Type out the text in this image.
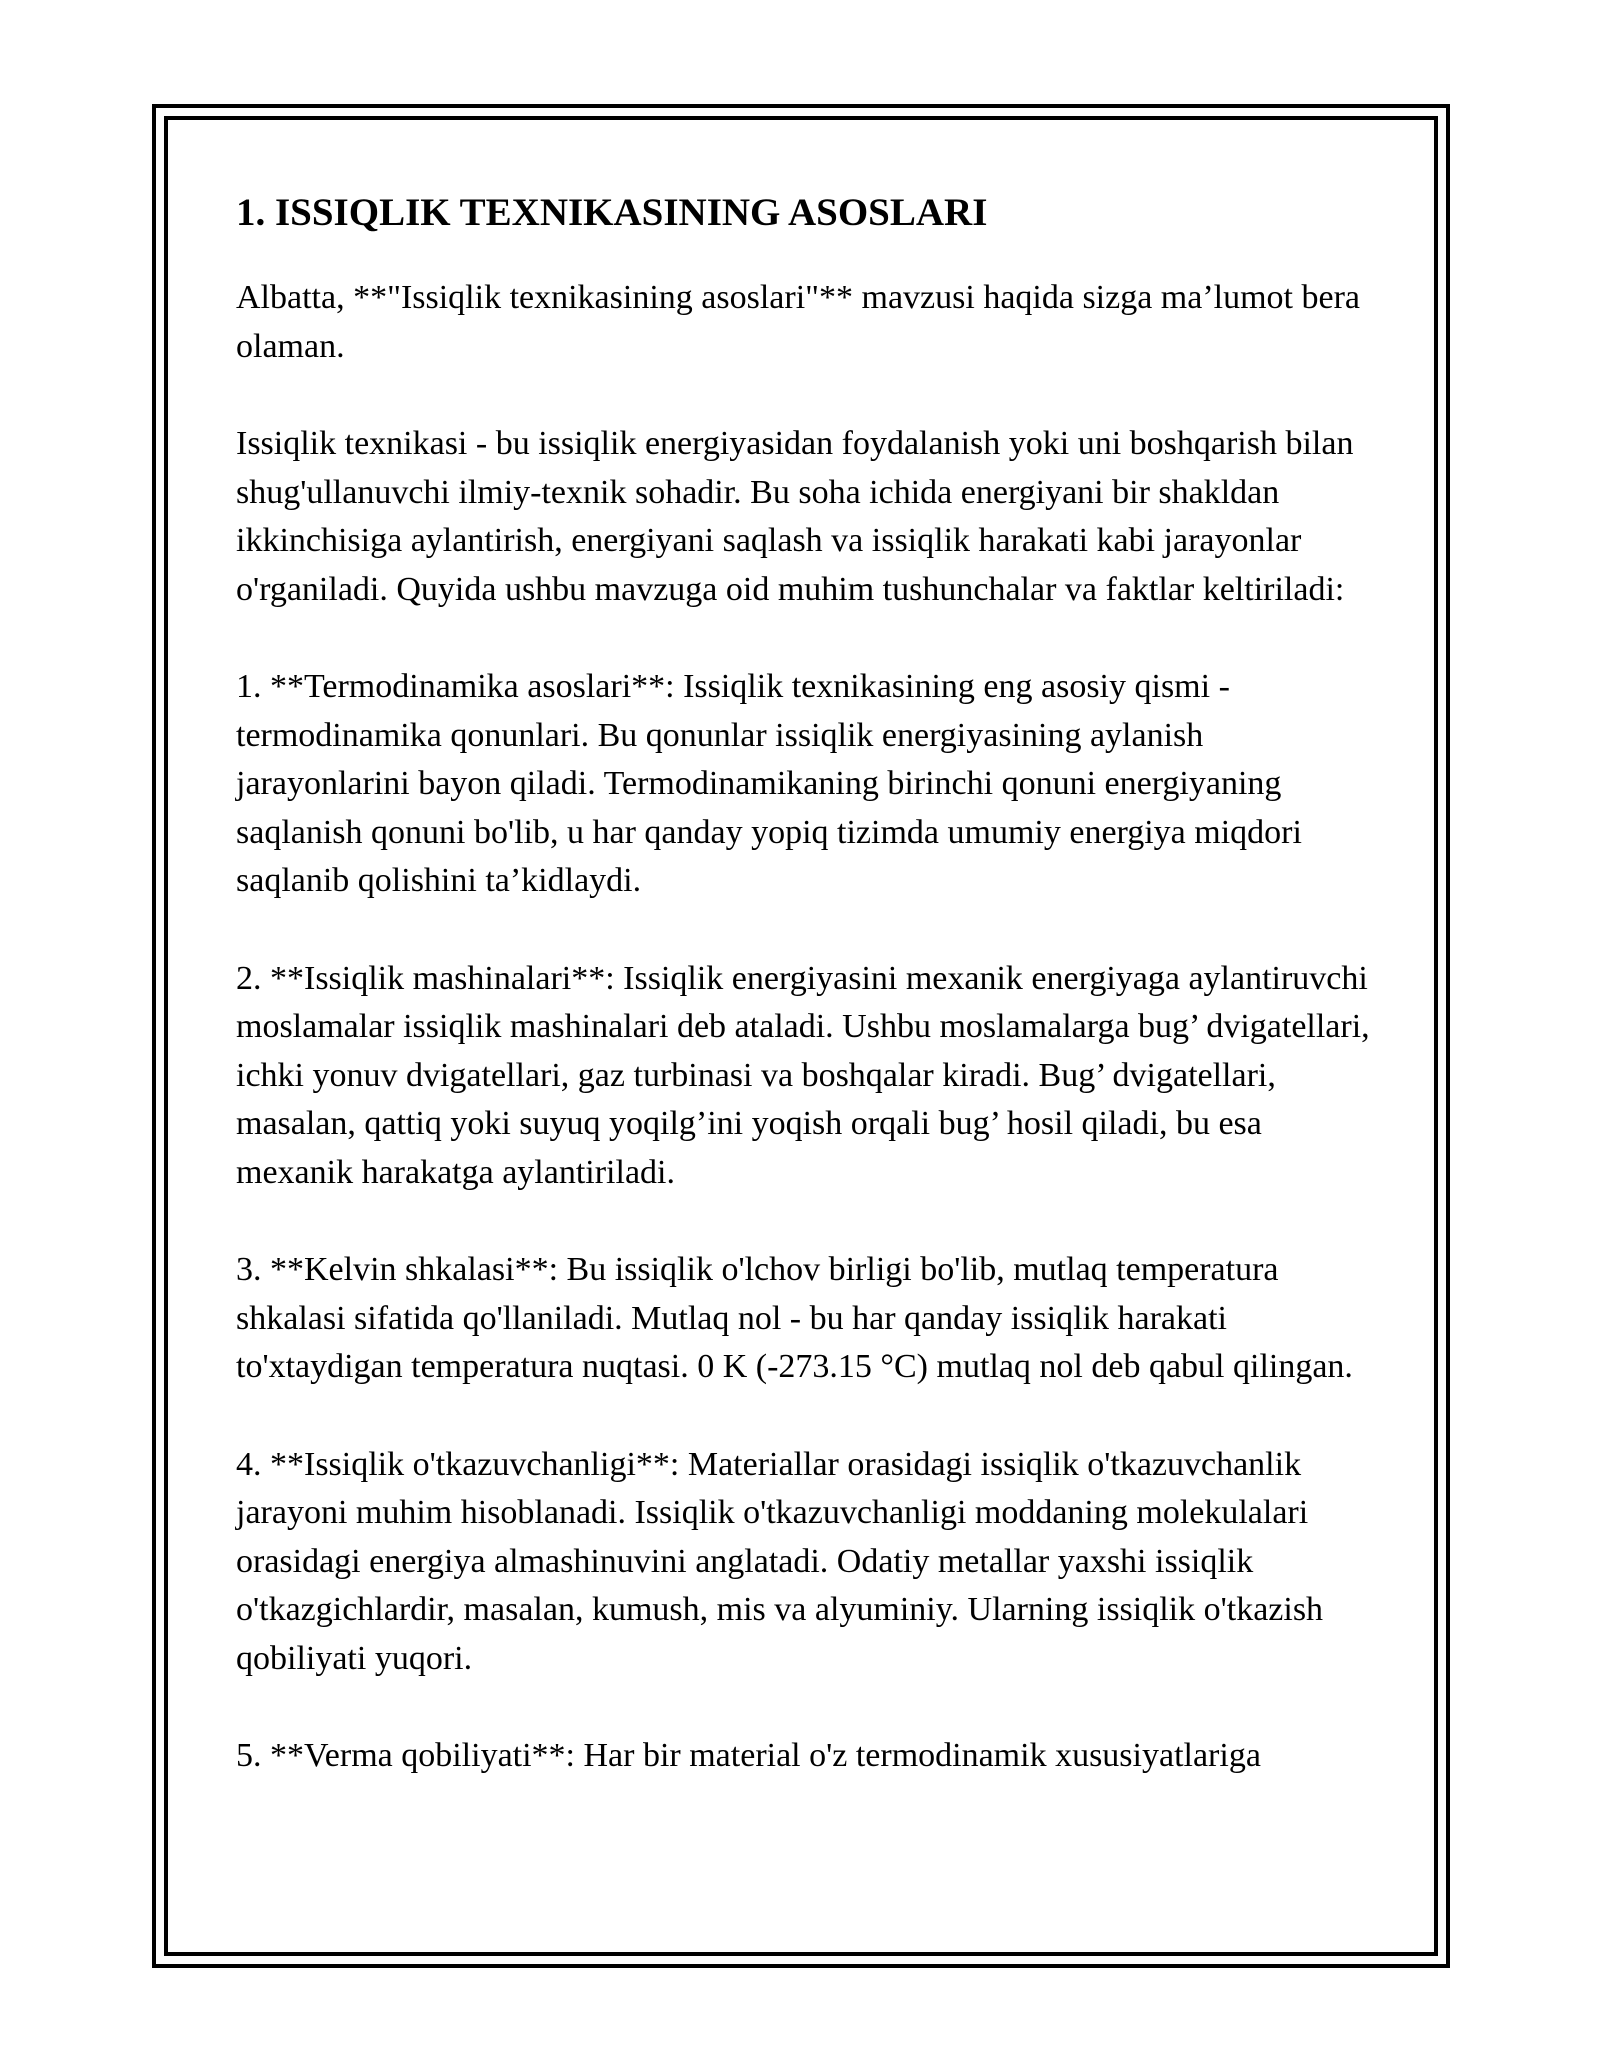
1. ISSIQLIK TEXNIKASINING ASOSLARI

Albatta, **"Issiqlik texnikasining asoslari"** mavzusi haqida sizga ma’lumot bera olaman.

Issiqlik texnikasi - bu issiqlik energiyasidan foydalanish yoki uni boshqarish bilan shug'ullanuvchi ilmiy-texnik sohadir. Bu soha ichida energiyani bir shakldan ikkinchisiga aylantirish, energiyani saqlash va issiqlik harakati kabi jarayonlar o'rganiladi. Quyida ushbu mavzuga oid muhim tushunchalar va faktlar keltiriladi:

1. **Termodinamika asoslari**: Issiqlik texnikasining eng asosiy qismi - termodinamika qonunlari. Bu qonunlar issiqlik energiyasining aylanish jarayonlarini bayon qiladi. Termodinamikaning birinchi qonuni energiyaning saqlanish qonuni bo'lib, u har qanday yopiq tizimda umumiy energiya miqdori saqlanib qolishini ta’kidlaydi.

2. **Issiqlik mashinalari**: Issiqlik energiyasini mexanik energiyaga aylantiruvchi moslamalar issiqlik mashinalari deb ataladi. Ushbu moslamalarga bug’ dvigatellari, ichki yonuv dvigatellari, gaz turbinasi va boshqalar kiradi. Bug’ dvigatellari, masalan, qattiq yoki suyuq yoqilg’ini yoqish orqali bug’ hosil qiladi, bu esa mexanik harakatga aylantiriladi.

3. **Kelvin shkalasi**: Bu issiqlik o'lchov birligi bo'lib, mutlaq temperatura shkalasi sifatida qo'llaniladi. Mutlaq nol - bu har qanday issiqlik harakati to'xtaydigan temperatura nuqtasi. 0 K (-273.15 °C) mutlaq nol deb qabul qilingan.

4. **Issiqlik o'tkazuvchanligi**: Materiallar orasidagi issiqlik o'tkazuvchanlik jarayoni muhim hisoblanadi. Issiqlik o'tkazuvchanligi moddaning molekulalari orasidagi energiya almashinuvini anglatadi. Odatiy metallar yaxshi issiqlik o'tkazgichlardir, masalan, kumush, mis va alyuminiy. Ularning issiqlik o'tkazish qobiliyati yuqori.

5. **Verma qobiliyati**: Har bir material o'z termodinamik xususiyatlariga
